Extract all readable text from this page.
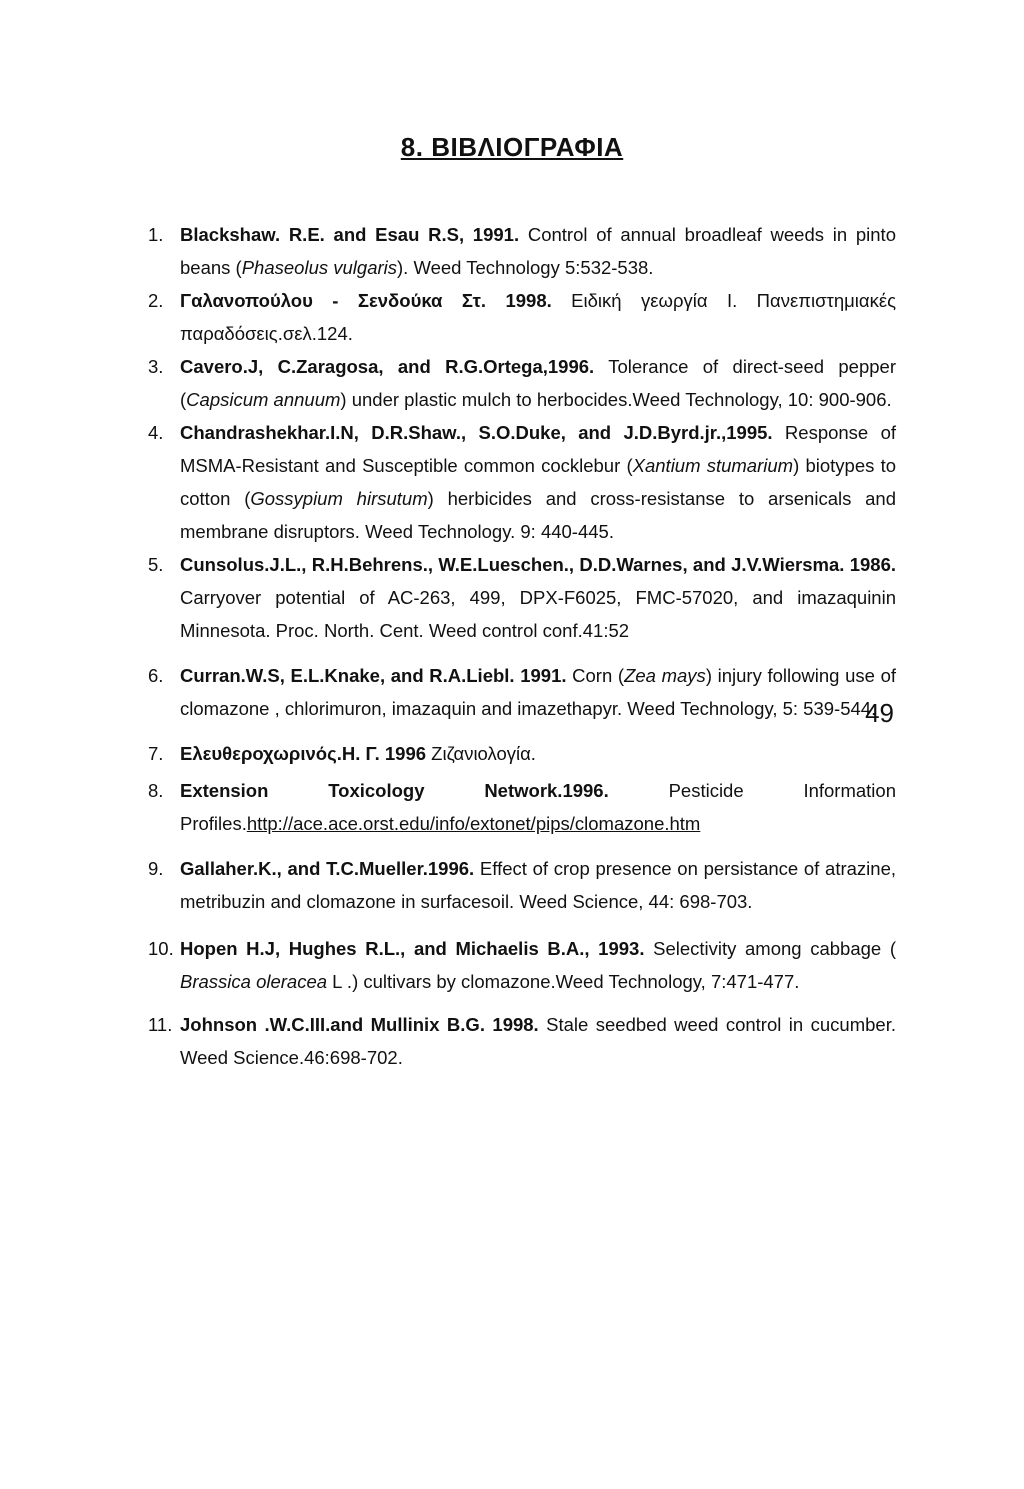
8. ΒΙΒΛΙΟΓΡΑΦΙΑ
1. Blackshaw. R.E. and Esau R.S, 1991. Control of annual broadleaf weeds in pinto beans (Phaseolus vulgaris). Weed Technology 5:532-538.
2. Γαλανοπούλου - Σενδούκα Στ. 1998. Ειδική γεωργία Ι. Πανεπιστημιακές παραδόσεις.σελ.124.
3. Cavero.J, C.Zaragosa, and R.G.Ortega,1996. Tolerance of direct-seed pepper (Capsicum annuum) under plastic mulch to herbocides.Weed Technology, 10: 900-906.
4. Chandrashekhar.I.N, D.R.Shaw., S.O.Duke, and J.D.Byrd.jr.,1995. Response of MSMA-Resistant and Susceptible common cocklebur (Xantium stumarium) biotypes to cotton (Gossypium hirsutum) herbicides and cross-resistanse to arsenicals and membrane disruptors. Weed Technology. 9: 440-445.
5. Cunsolus.J.L., R.H.Behrens., W.E.Lueschen., D.D.Warnes, and J.V.Wiersma. 1986. Carryover potential of AC-263, 499, DPX-F6025, FMC-57020, and imazaquinin Minnesota. Proc. North. Cent. Weed control conf.41:52
6. Curran.W.S, E.L.Knake, and R.A.Liebl. 1991. Corn (Zea mays) injury following use of clomazone , chlorimuron, imazaquin and imazethapyr. Weed Technology, 5: 539-544.
7. Ελευθεροχωρινός.Η. Γ. 1996 Ζιζανιολογία.
8. Extension Toxicology Network.1996. Pesticide Information Profiles.http://ace.ace.orst.edu/info/extonet/pips/clomazone.htm
9. Gallaher.K., and T.C.Mueller.1996. Effect of crop presence on persistance of atrazine, metribuzin and clomazone in surfacesoil. Weed Science, 44: 698-703.
10. Hopen H.J, Hughes R.L., and Michaelis B.A., 1993. Selectivity among cabbage ( Brassica oleracea L .) cultivars by clomazone.Weed Technology, 7:471-477.
11. Johnson .W.C.III.and Mullinix B.G. 1998. Stale seedbed weed control in cucumber. Weed Science.46:698-702.
49
